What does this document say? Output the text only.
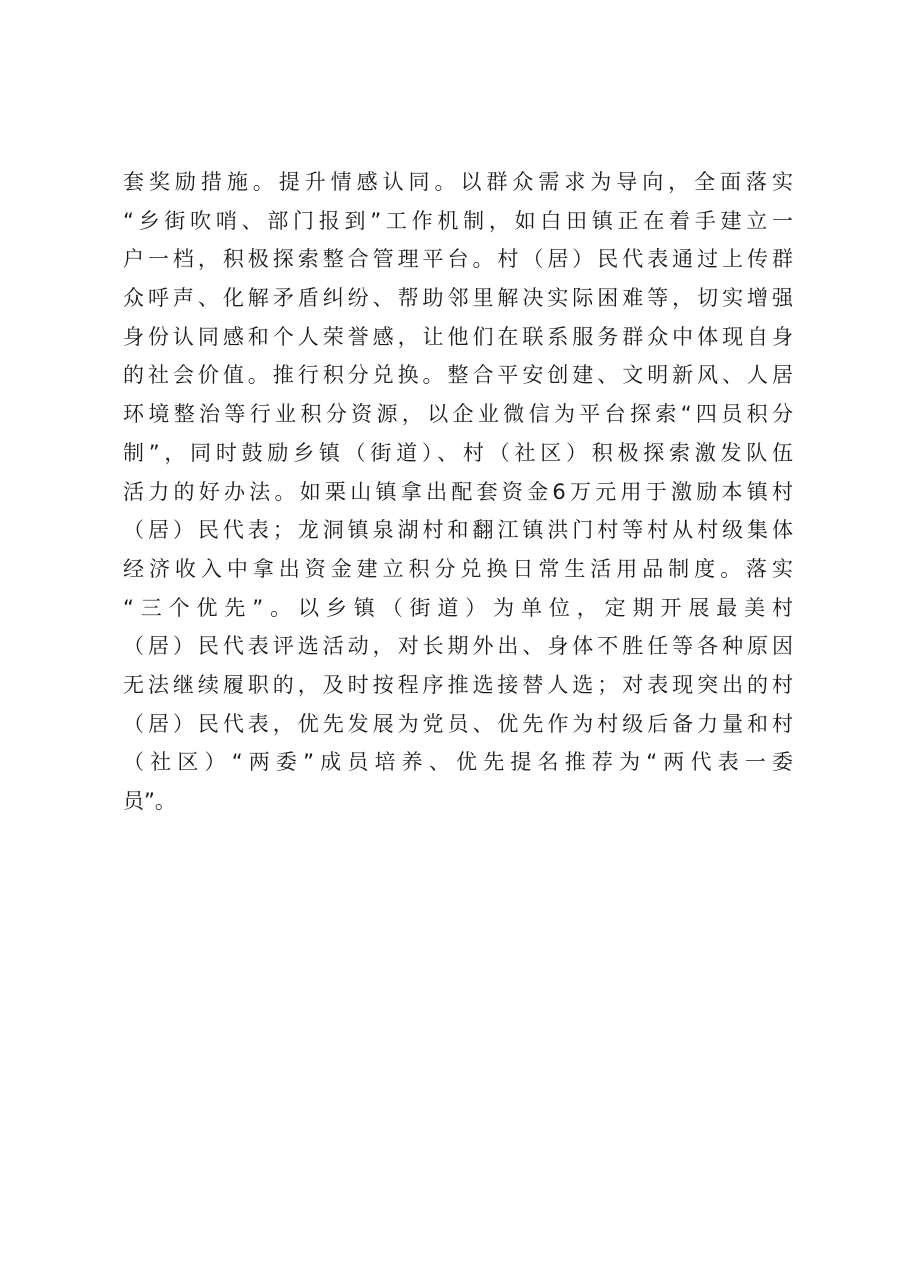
套奖励措施。提升情感认同。以群众需求为导向，全面落实
“乡街吹哨、部门报到”工作机制，如白田镇正在着手建立一
户一档，积极探索整合管理平台。村（居）民代表通过上传群
众呼声、化解矛盾纠纷、帮助邻里解决实际困难等，切实增强
身份认同感和个人荣誉感，让他们在联系服务群众中体现自身
的社会价值。推行积分兑换。整合平安创建、文明新风、人居
环境整治等行业积分资源，以企业微信为平台探索“四员积分
制”，同时鼓励乡镇（街道）、村（社区）积极探索激发队伍
活力的好办法。如栗山镇拿出配套资金6万元用于激励本镇村
（居）民代表；龙洞镇泉湖村和翻江镇洪门村等村从村级集体
经济收入中拿出资金建立积分兑换日常生活用品制度。落实
“三个优先”。以乡镇（街道）为单位，定期开展最美村
（居）民代表评选活动，对长期外出、身体不胜任等各种原因
无法继续履职的，及时按程序推选接替人选；对表现突出的村
（居）民代表，优先发展为党员、优先作为村级后备力量和村
（社区）“两委”成员培养、优先提名推荐为“两代表一委
员”。
